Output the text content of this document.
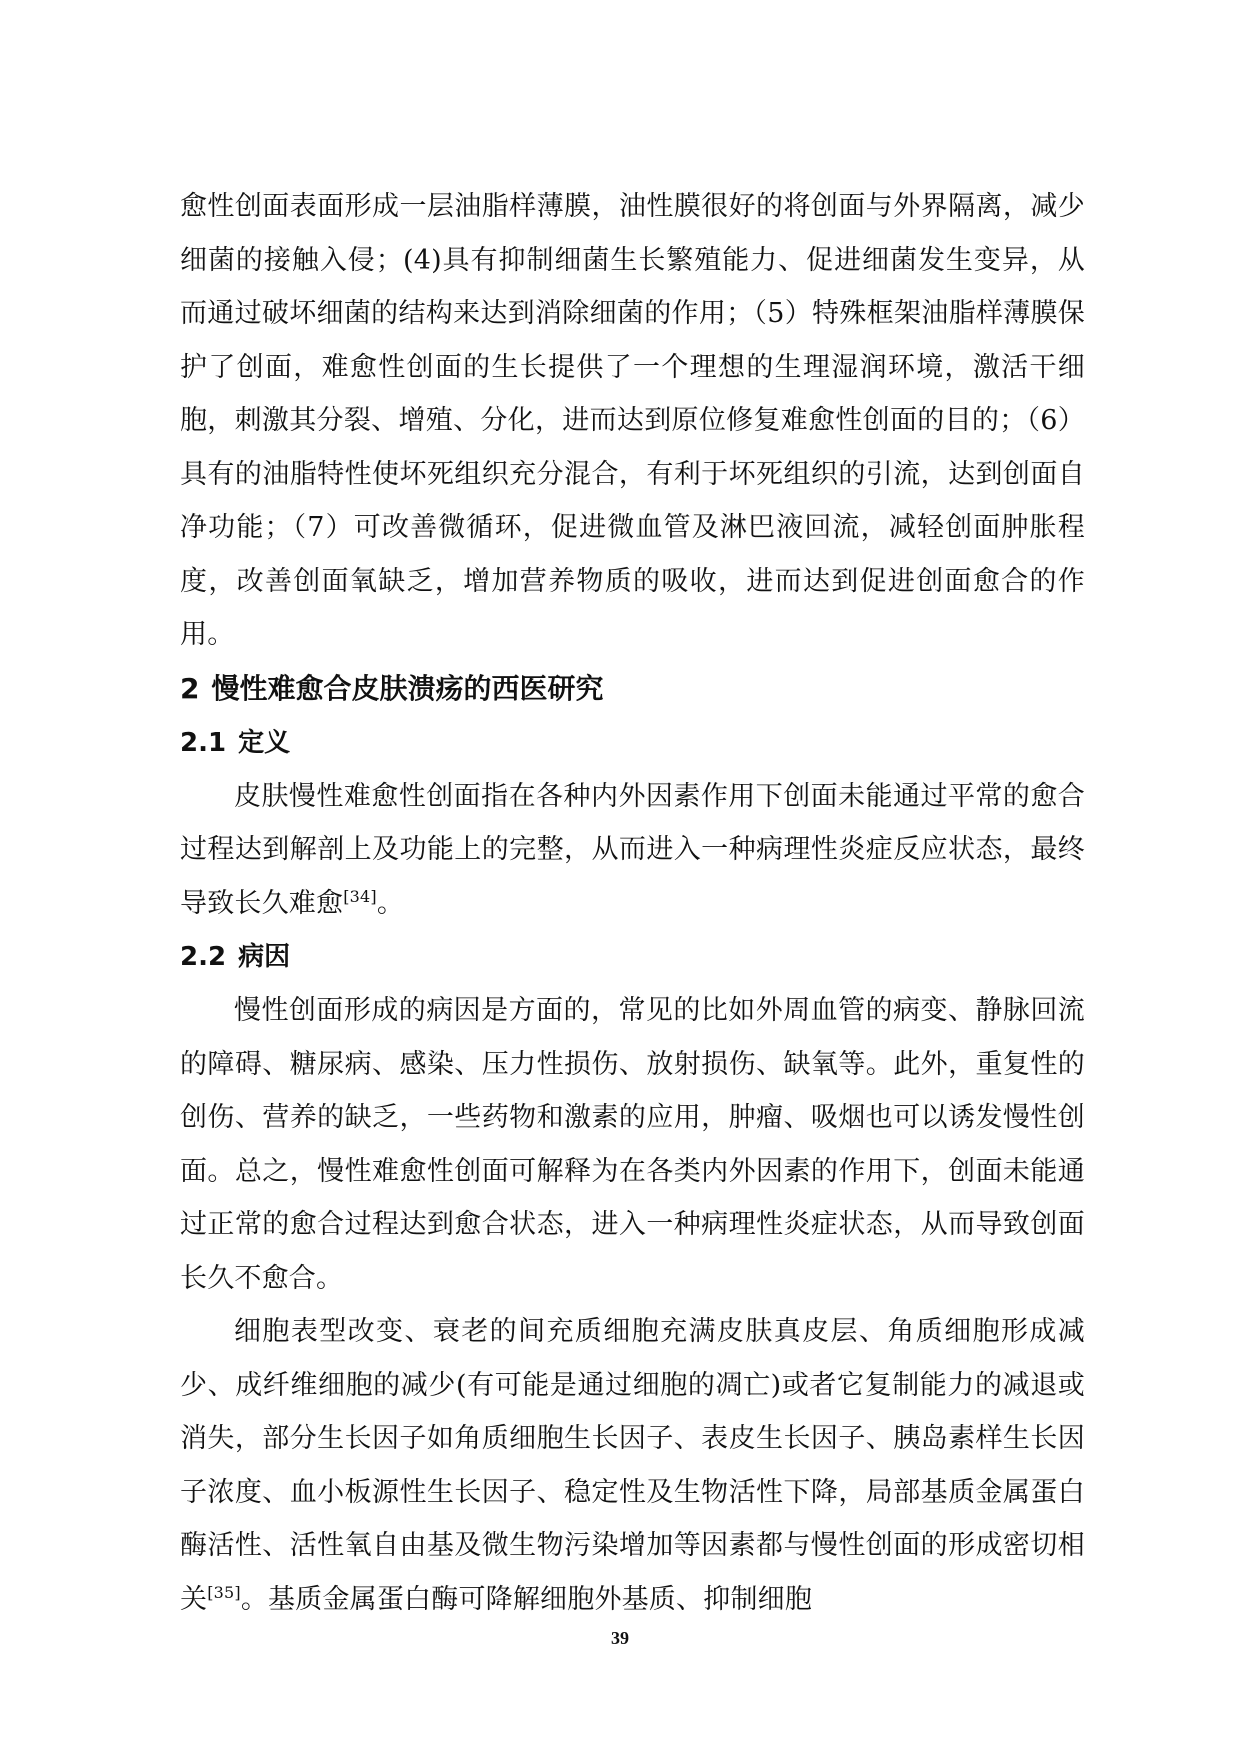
愈性创面表面形成一层油脂样薄膜，油性膜很好的将创面与外界隔离，减少细菌的接触入侵；(4)具有抑制细菌生长繁殖能力、促进细菌发生变异，从而通过破坏细菌的结构来达到消除细菌的作用；（5）特殊框架油脂样薄膜保护了创面，难愈性创面的生长提供了一个理想的生理湿润环境，激活干细胞，刺激其分裂、增殖、分化，进而达到原位修复难愈性创面的目的；（6）具有的油脂特性使坏死组织充分混合，有利于坏死组织的引流，达到创面自净功能；（7）可改善微循环，促进微血管及淋巴液回流，减轻创面肿胀程度，改善创面氧缺乏，增加营养物质的吸收，进而达到促进创面愈合的作用。

2 慢性难愈合皮肤溃疡的西医研究
2.1 定义

皮肤慢性难愈性创面指在各种内外因素作用下创面未能通过平常的愈合过程达到解剖上及功能上的完整，从而进入一种病理性炎症反应状态，最终导致长久难愈[34]。

2.2 病因

慢性创面形成的病因是方面的，常见的比如外周血管的病变、静脉回流的障碍、糖尿病、感染、压力性损伤、放射损伤、缺氧等。此外，重复性的创伤、营养的缺乏，一些药物和激素的应用，肿瘤、吸烟也可以诱发慢性创面。总之，慢性难愈性创面可解释为在各类内外因素的作用下，创面未能通过正常的愈合过程达到愈合状态，进入一种病理性炎症状态，从而导致创面长久不愈合。

细胞表型改变、衰老的间充质细胞充满皮肤真皮层、角质细胞形成减少、成纤维细胞的减少(有可能是通过细胞的凋亡)或者它复制能力的减退或消失，部分生长因子如角质细胞生长因子、表皮生长因子、胰岛素样生长因子浓度、血小板源性生长因子、稳定性及生物活性下降，局部基质金属蛋白酶活性、活性氧自由基及微生物污染增加等因素都与慢性创面的形成密切相关[35]。基质金属蛋白酶可降解细胞外基质、抑制细胞

39
